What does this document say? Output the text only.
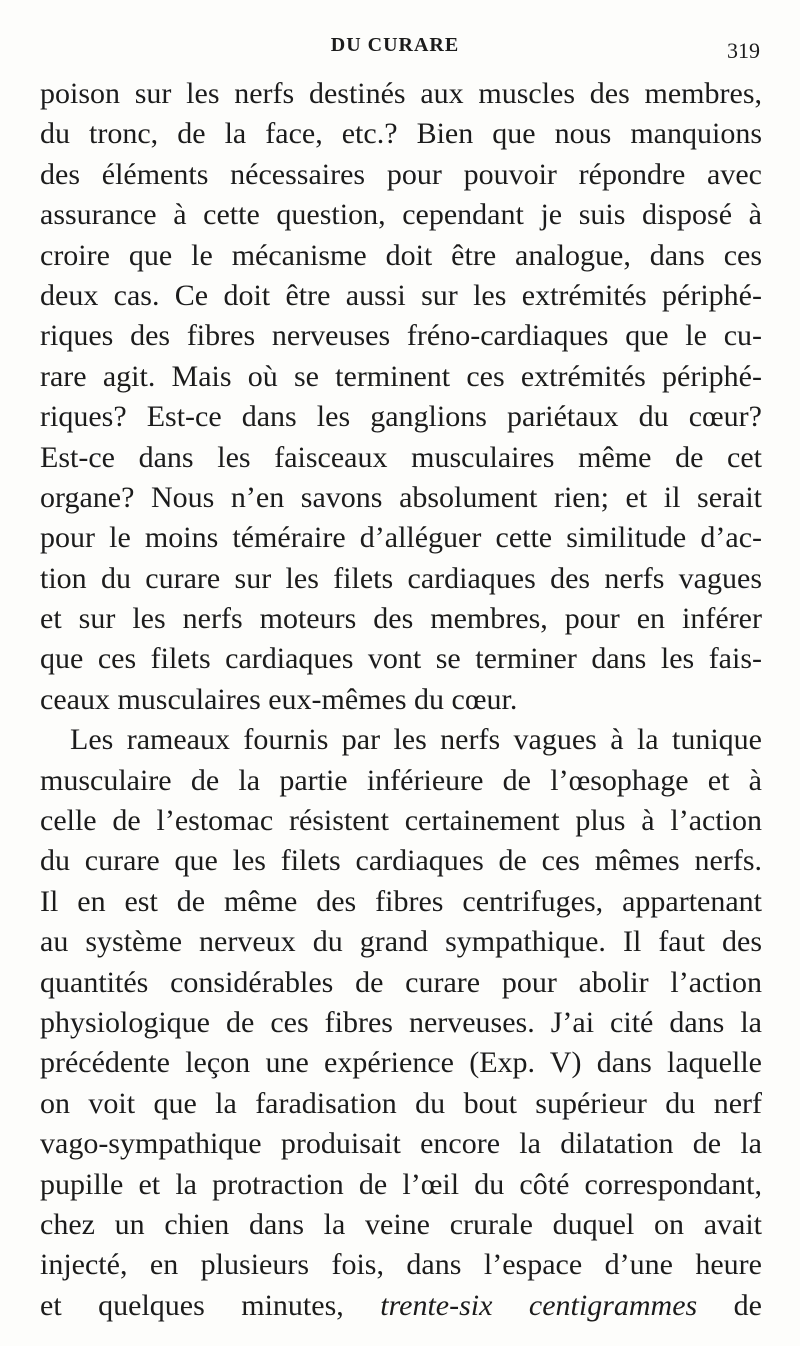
DU CURARE	319
poison sur les nerfs destinés aux muscles des membres,
du tronc, de la face, etc.? Bien que nous manquions
des éléments nécessaires pour pouvoir répondre avec
assurance à cette question, cependant je suis disposé à
croire que le mécanisme doit être analogue, dans ces
deux cas. Ce doit être aussi sur les extrémités périphé-
riques des fibres nerveuses fréno-cardiaques que le cu-
rare agit. Mais où se terminent ces extrémités périphé-
riques? Est-ce dans les ganglions pariétaux du cœur?
Est-ce dans les faisceaux musculaires même de cet
organe? Nous n’en savons absolument rien; et il serait
pour le moins téméraire d’alléguer cette similitude d’ac-
tion du curare sur les filets cardiaques des nerfs vagues
et sur les nerfs moteurs des membres, pour en inférer
que ces filets cardiaques vont se terminer dans les fais-
ceaux musculaires eux-mêmes du cœur.
Les rameaux fournis par les nerfs vagues à la tunique
musculaire de la partie inférieure de l’œsophage et à
celle de l’estomac résistent certainement plus à l’action
du curare que les filets cardiaques de ces mêmes nerfs.
Il en est de même des fibres centrifuges, appartenant
au système nerveux du grand sympathique. Il faut des
quantités considérables de curare pour abolir l’action
physiologique de ces fibres nerveuses. J’ai cité dans la
précédente leçon une expérience (Exp. V) dans laquelle
on voit que la faradisation du bout supérieur du nerf
vago-sympathique produisait encore la dilatation de la
pupille et la protraction de l’œil du côté correspondant,
chez un chien dans la veine crurale duquel on avait
injecté, en plusieurs fois, dans l’espace d’une heure
et quelques minutes, trente-six centigrammes de
